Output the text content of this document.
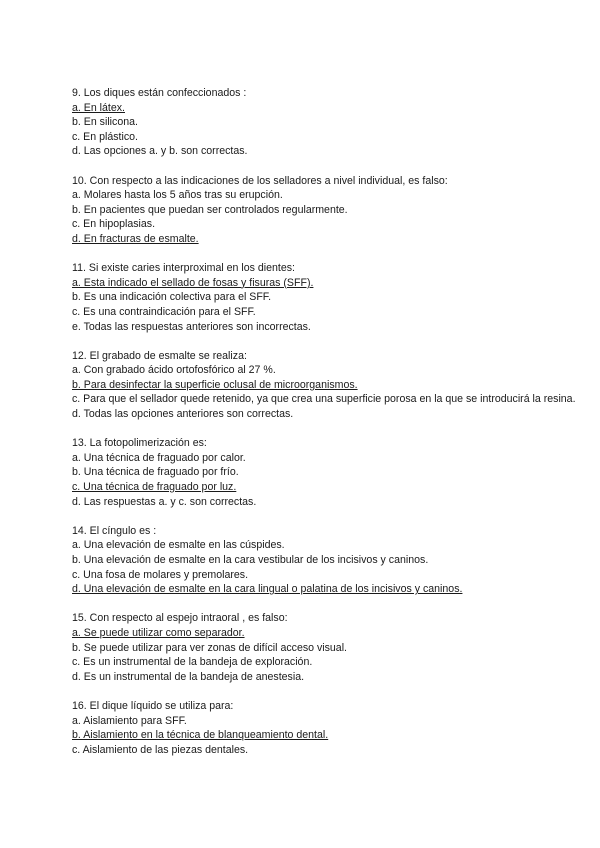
9. Los diques están confeccionados :
a. En látex.
b. En silicona.
c. En plástico.
d. Las opciones a. y b. son correctas.
10. Con respecto a las indicaciones de los selladores a nivel individual, es falso:
a. Molares hasta los 5 años tras su erupción.
b. En pacientes que puedan ser controlados regularmente.
c. En hipoplasias.
d. En fracturas de esmalte.
11. Si existe caries interproximal en los dientes:
a. Esta indicado el sellado de fosas y fisuras (SFF).
b. Es una indicación colectiva para el SFF.
c. Es una contraindicación para el SFF.
e. Todas las respuestas anteriores son incorrectas.
12. El grabado de esmalte se realiza:
a. Con grabado ácido ortofosfórico al 27 %.
b. Para desinfectar la superficie oclusal de microorganismos.
c. Para que el sellador quede retenido, ya que crea una superficie porosa en la que se introducirá la resina.
d. Todas las opciones anteriores son correctas.
13. La fotopolimerización es:
a. Una técnica de fraguado por calor.
b. Una técnica de fraguado por frío.
c. Una técnica de fraguado por luz.
d. Las respuestas a. y c. son correctas.
14. El cíngulo es :
a. Una elevación de esmalte en las cúspides.
b. Una elevación de esmalte en la cara vestibular de los incisivos y caninos.
c. Una fosa de molares y premolares.
d. Una elevación de esmalte en la cara lingual o palatina de los incisivos y caninos.
15. Con respecto al espejo intraoral , es falso:
a. Se puede utilizar como separador.
b. Se puede utilizar para ver zonas de difícil acceso visual.
c. Es un instrumental de la bandeja de exploración.
d. Es un instrumental de la bandeja de anestesia.
16. El dique líquido se utiliza para:
a. Aislamiento para SFF.
b. Aislamiento en la técnica de blanqueamiento dental.
c. Aislamiento de las piezas dentales.
